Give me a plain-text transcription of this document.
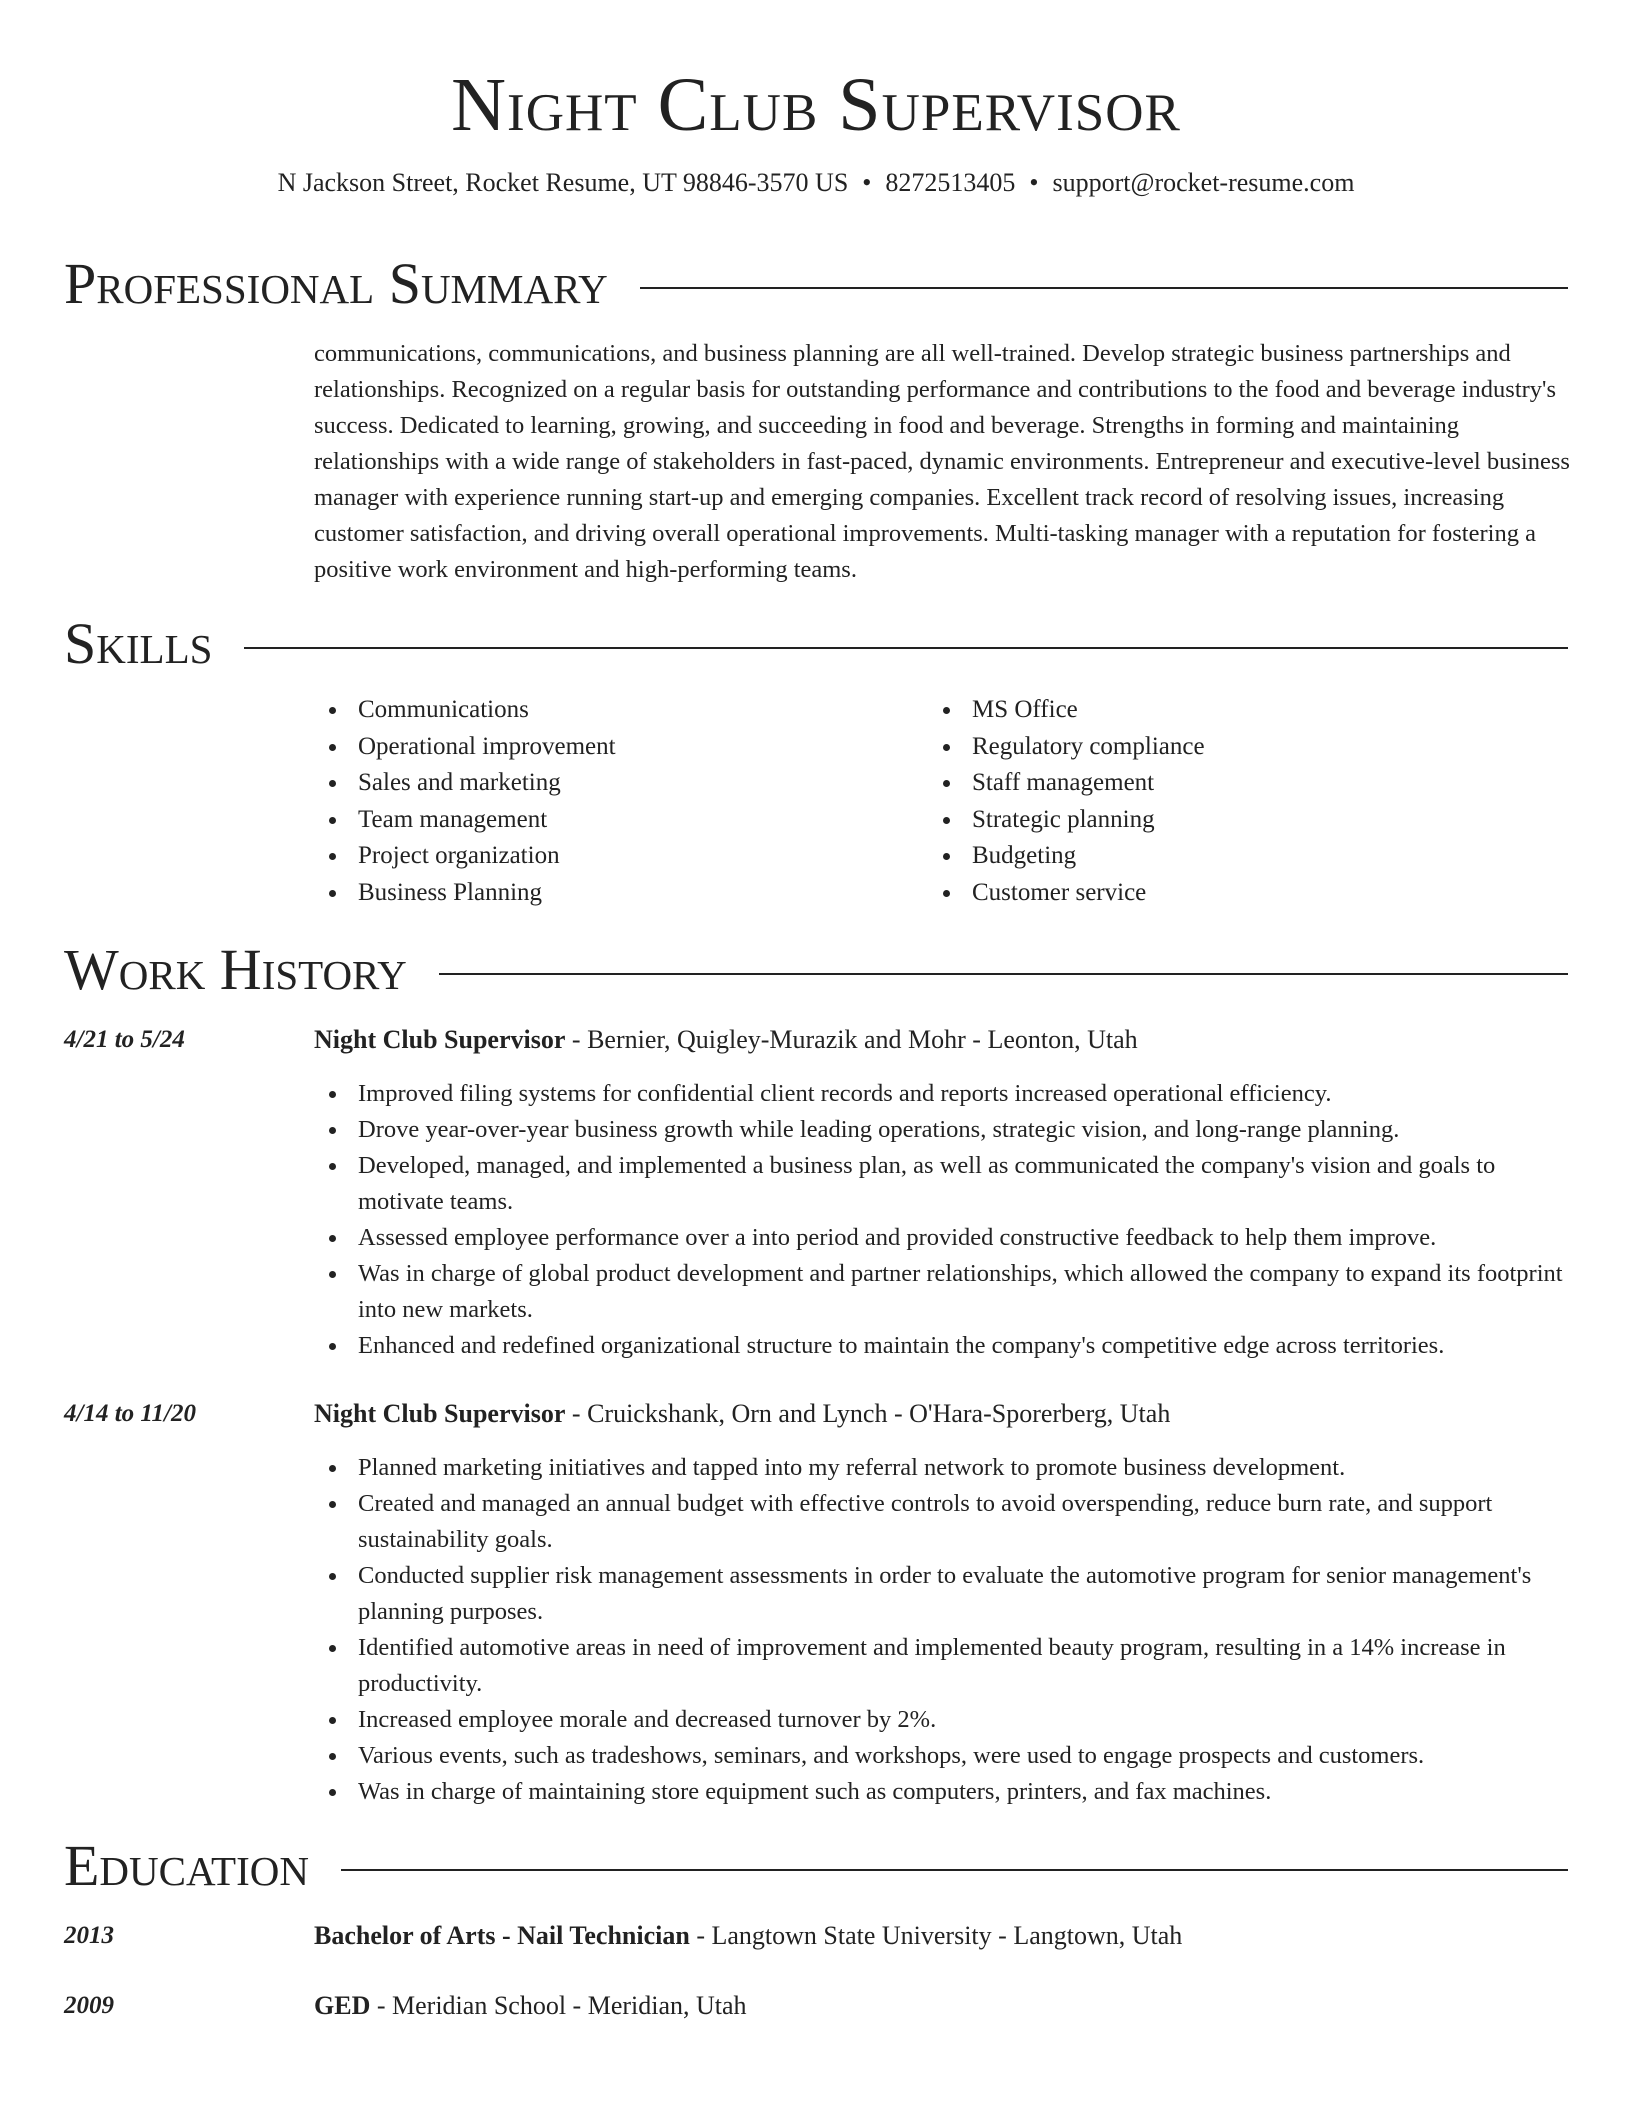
Night Club Supervisor
N Jackson Street, Rocket Resume, UT 98846-3570 US • 8272513405 • support@rocket-resume.com
Professional Summary

communications, communications, and business planning are all well-trained. Develop strategic business partnerships and relationships. Recognized on a regular basis for outstanding performance and contributions to the food and beverage industry's success. Dedicated to learning, growing, and succeeding in food and beverage. Strengths in forming and maintaining relationships with a wide range of stakeholders in fast-paced, dynamic environments. Entrepreneur and executive-level business manager with experience running start-up and emerging companies. Excellent track record of resolving issues, increasing customer satisfaction, and driving overall operational improvements. Multi-tasking manager with a reputation for fostering a positive work environment and high-performing teams.

Skills
Communications
Operational improvement
Sales and marketing
Team management
Project organization
Business Planning
MS Office
Regulatory compliance
Staff management
Strategic planning
Budgeting
Customer service
Work History
4/21 to 5/24	Night Club Supervisor - Bernier, Quigley-Murazik and Mohr - Leonton, Utah
Improved filing systems for confidential client records and reports increased operational efficiency.
Drove year-over-year business growth while leading operations, strategic vision, and long-range planning.
Developed, managed, and implemented a business plan, as well as communicated the company's vision and goals to motivate teams.
Assessed employee performance over a into period and provided constructive feedback to help them improve.
Was in charge of global product development and partner relationships, which allowed the company to expand its footprint into new markets.
Enhanced and redefined organizational structure to maintain the company's competitive edge across territories.
4/14 to 11/20	Night Club Supervisor - Cruickshank, Orn and Lynch - O'Hara-Sporerberg, Utah
Planned marketing initiatives and tapped into my referral network to promote business development.
Created and managed an annual budget with effective controls to avoid overspending, reduce burn rate, and support sustainability goals.
Conducted supplier risk management assessments in order to evaluate the automotive program for senior management's planning purposes.
Identified automotive areas in need of improvement and implemented beauty program, resulting in a 14% increase in productivity.
Increased employee morale and decreased turnover by 2%.
Various events, such as tradeshows, seminars, and workshops, were used to engage prospects and customers.
Was in charge of maintaining store equipment such as computers, printers, and fax machines.
Education
2013	Bachelor of Arts - Nail Technician - Langtown State University - Langtown, Utah
2009	GED - Meridian School - Meridian, Utah
